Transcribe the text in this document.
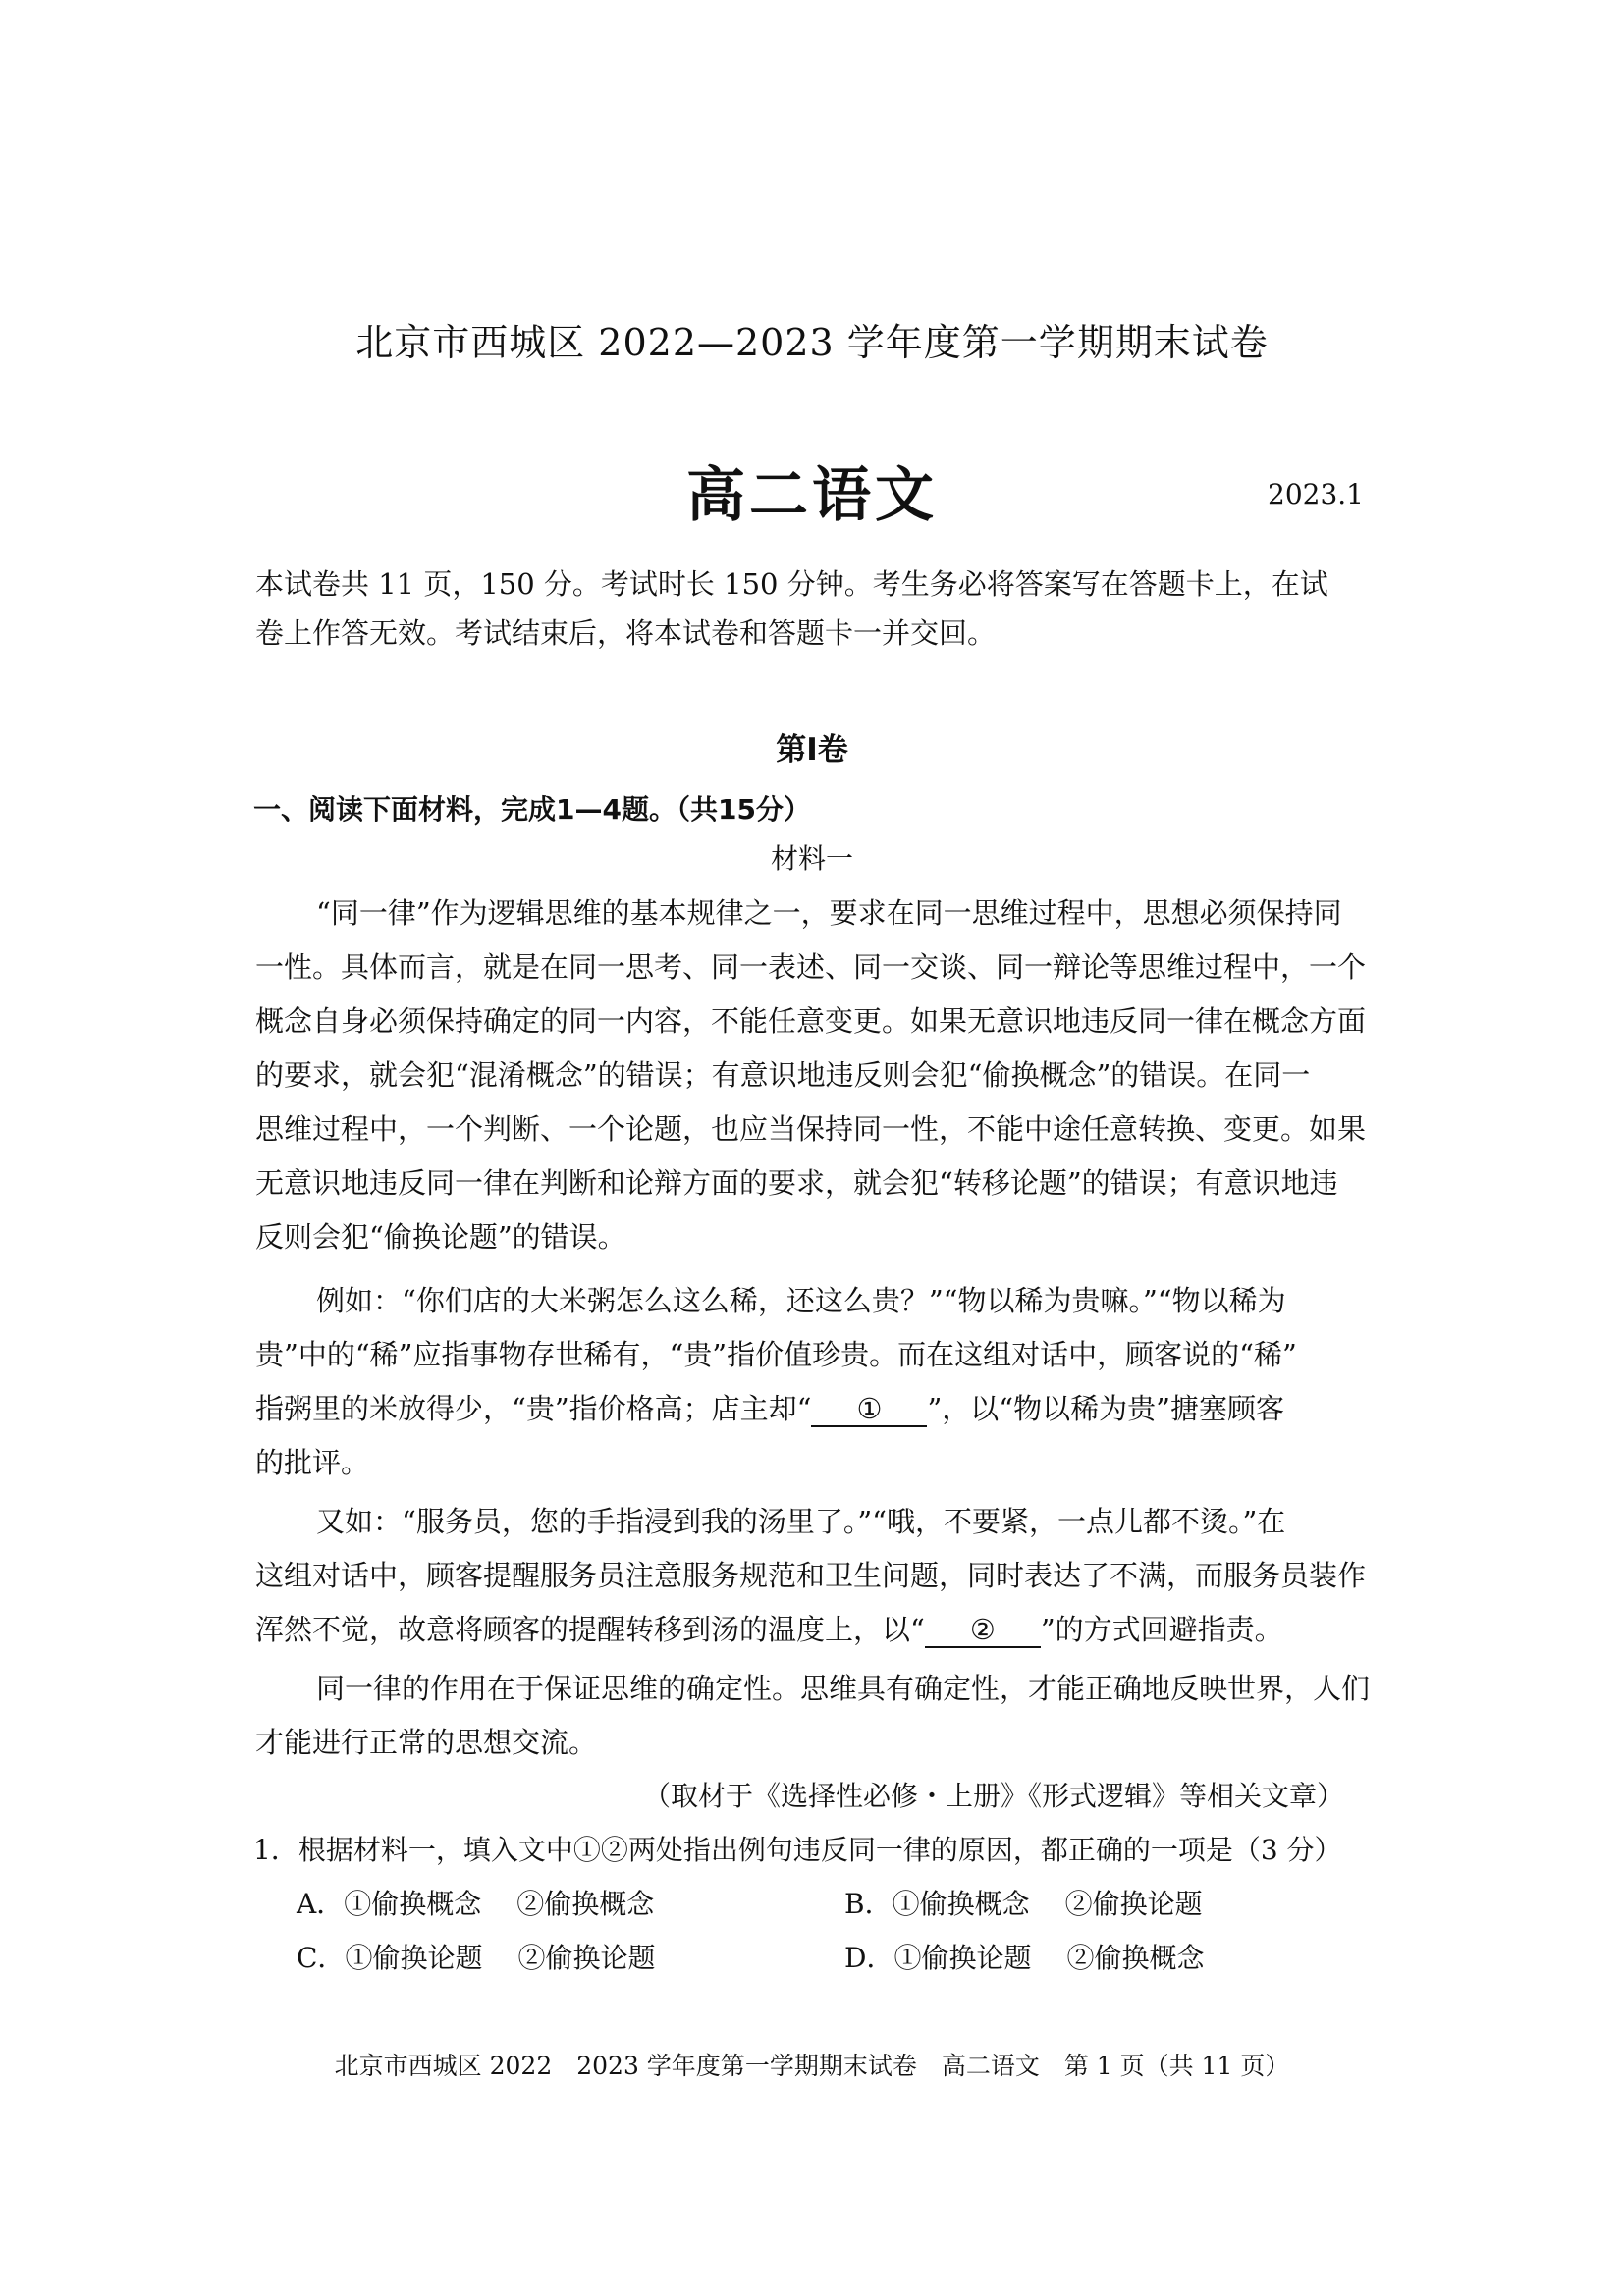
北京市西城区 2022—2023 学年度第一学期期末试卷
高二语文	2023.1
本试卷共 11 页，150 分。考试时长 150 分钟。考生务必将答案写在答题卡上，在试
卷上作答无效。考试结束后，将本试卷和答题卡一并交回。
第Ⅰ卷
一、阅读下面材料，完成1—4题。（共15分）
材料一
“同一律”作为逻辑思维的基本规律之一，要求在同一思维过程中，思想必须保持同
一性。具体而言，就是在同一思考、同一表述、同一交谈、同一辩论等思维过程中，一个
概念自身必须保持确定的同一内容，不能任意变更。如果无意识地违反同一律在概念方面
的要求，就会犯“混淆概念”的错误；有意识地违反则会犯“偷换概念”的错误。在同一
思维过程中，一个判断、一个论题，也应当保持同一性，不能中途任意转换、变更。如果
无意识地违反同一律在判断和论辩方面的要求，就会犯“转移论题”的错误；有意识地违
反则会犯“偷换论题”的错误。
例如：“你们店的大米粥怎么这么稀，还这么贵？”“物以稀为贵嘛。”“物以稀为
贵”中的“稀”应指事物存世稀有，“贵”指价值珍贵。而在这组对话中，顾客说的“稀”
指粥里的米放得少，“贵”指价格高；店主却“ ① ”，以“物以稀为贵”搪塞顾客
的批评。
又如：“服务员，您的手指浸到我的汤里了。”“哦，不要紧，一点儿都不烫。”在
这组对话中，顾客提醒服务员注意服务规范和卫生问题，同时表达了不满，而服务员装作
浑然不觉，故意将顾客的提醒转移到汤的温度上，以“ ② ”的方式回避指责。
同一律的作用在于保证思维的确定性。思维具有确定性，才能正确地反映世界，人们
才能进行正常的思想交流。
（取材于《选择性必修・上册》《形式逻辑》等相关文章）
1．根据材料一，填入文中①②两处指出例句违反同一律的原因，都正确的一项是（3 分）
A．①偷换概念 ②偷换概念	B．①偷换概念 ②偷换论题
C．①偷换论题 ②偷换论题	D．①偷换论题 ②偷换概念
北京市西城区 2022　2023 学年度第一学期期末试卷　高二语文　第 1 页（共 11 页）
